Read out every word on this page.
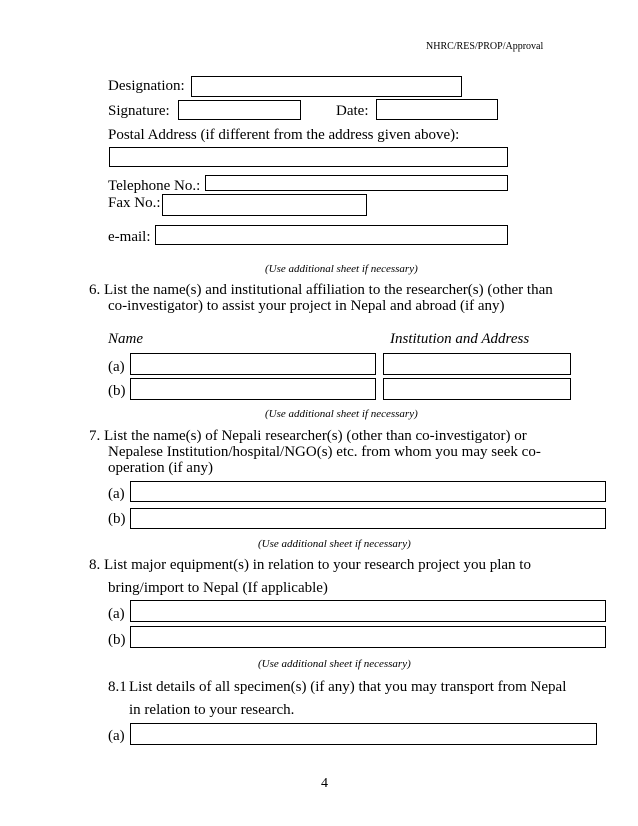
NHRC/RES/PROP/Approval
Designation:
Signature:	Date:
Postal Address (if different from the address given above):
Telephone No.:
Fax No.:
e-mail:
(Use additional sheet if necessary)
6. List the name(s) and institutional affiliation to the researcher(s) (other than
co-investigator) to assist your project in Nepal and abroad (if any)
Name	Institution and Address
(a)
(b)
(Use additional sheet if necessary)
7. List the name(s) of Nepali researcher(s) (other than co-investigator) or
Nepalese Institution/hospital/NGO(s) etc. from whom you may seek co-
operation (if any)
(a)
(b)
(Use additional sheet if necessary)
8. List major equipment(s) in relation to your research project you plan to
bring/import to Nepal (If applicable)
(a)
(b)
(Use additional sheet if necessary)
8.1 List details of all specimen(s) (if any) that you may transport from Nepal
in relation to your research.
(a)
4
